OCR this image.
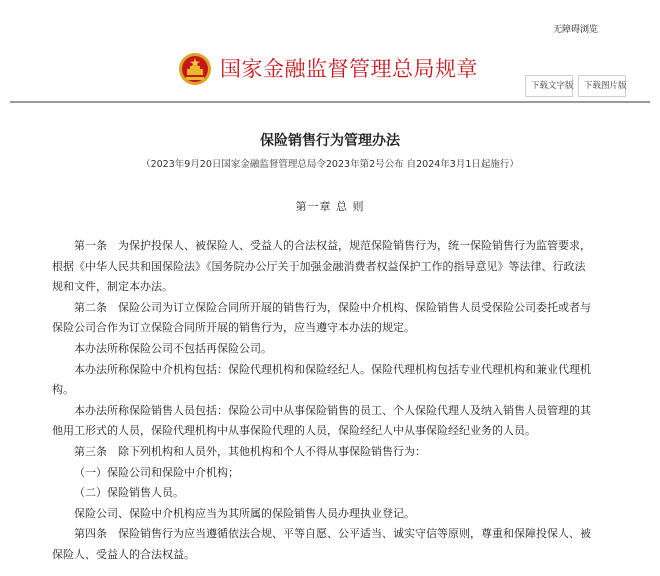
无障碍浏览
国家金融监督管理总局规章
下载文字版	下载图片版
保险销售行为管理办法
（2023年9月20日国家金融监督管理总局令2023年第2号公布 自2024年3月1日起施行）
第一章 总 则

第一条　为保护投保人、被保险人、受益人的合法权益，规范保险销售行为，统一保险销售行为监管要求，根据《中华人民共和国保险法》《国务院办公厅关于加强金融消费者权益保护工作的指导意见》等法律、行政法规和文件，制定本办法。

第二条　保险公司为订立保险合同所开展的销售行为，保险中介机构、保险销售人员受保险公司委托或者与保险公司合作为订立保险合同所开展的销售行为，应当遵守本办法的规定。

本办法所称保险公司不包括再保险公司。

本办法所称保险中介机构包括：保险代理机构和保险经纪人。保险代理机构包括专业代理机构和兼业代理机构。

本办法所称保险销售人员包括：保险公司中从事保险销售的员工、个人保险代理人及纳入销售人员管理的其他用工形式的人员，保险代理机构中从事保险代理的人员，保险经纪人中从事保险经纪业务的人员。

第三条　除下列机构和人员外，其他机构和个人不得从事保险销售行为：

（一）保险公司和保险中介机构；

（二）保险销售人员。

保险公司、保险中介机构应当为其所属的保险销售人员办理执业登记。

第四条　保险销售行为应当遵循依法合规、平等自愿、公平适当、诚实守信等原则，尊重和保障投保人、被保险人、受益人的合法权益。
